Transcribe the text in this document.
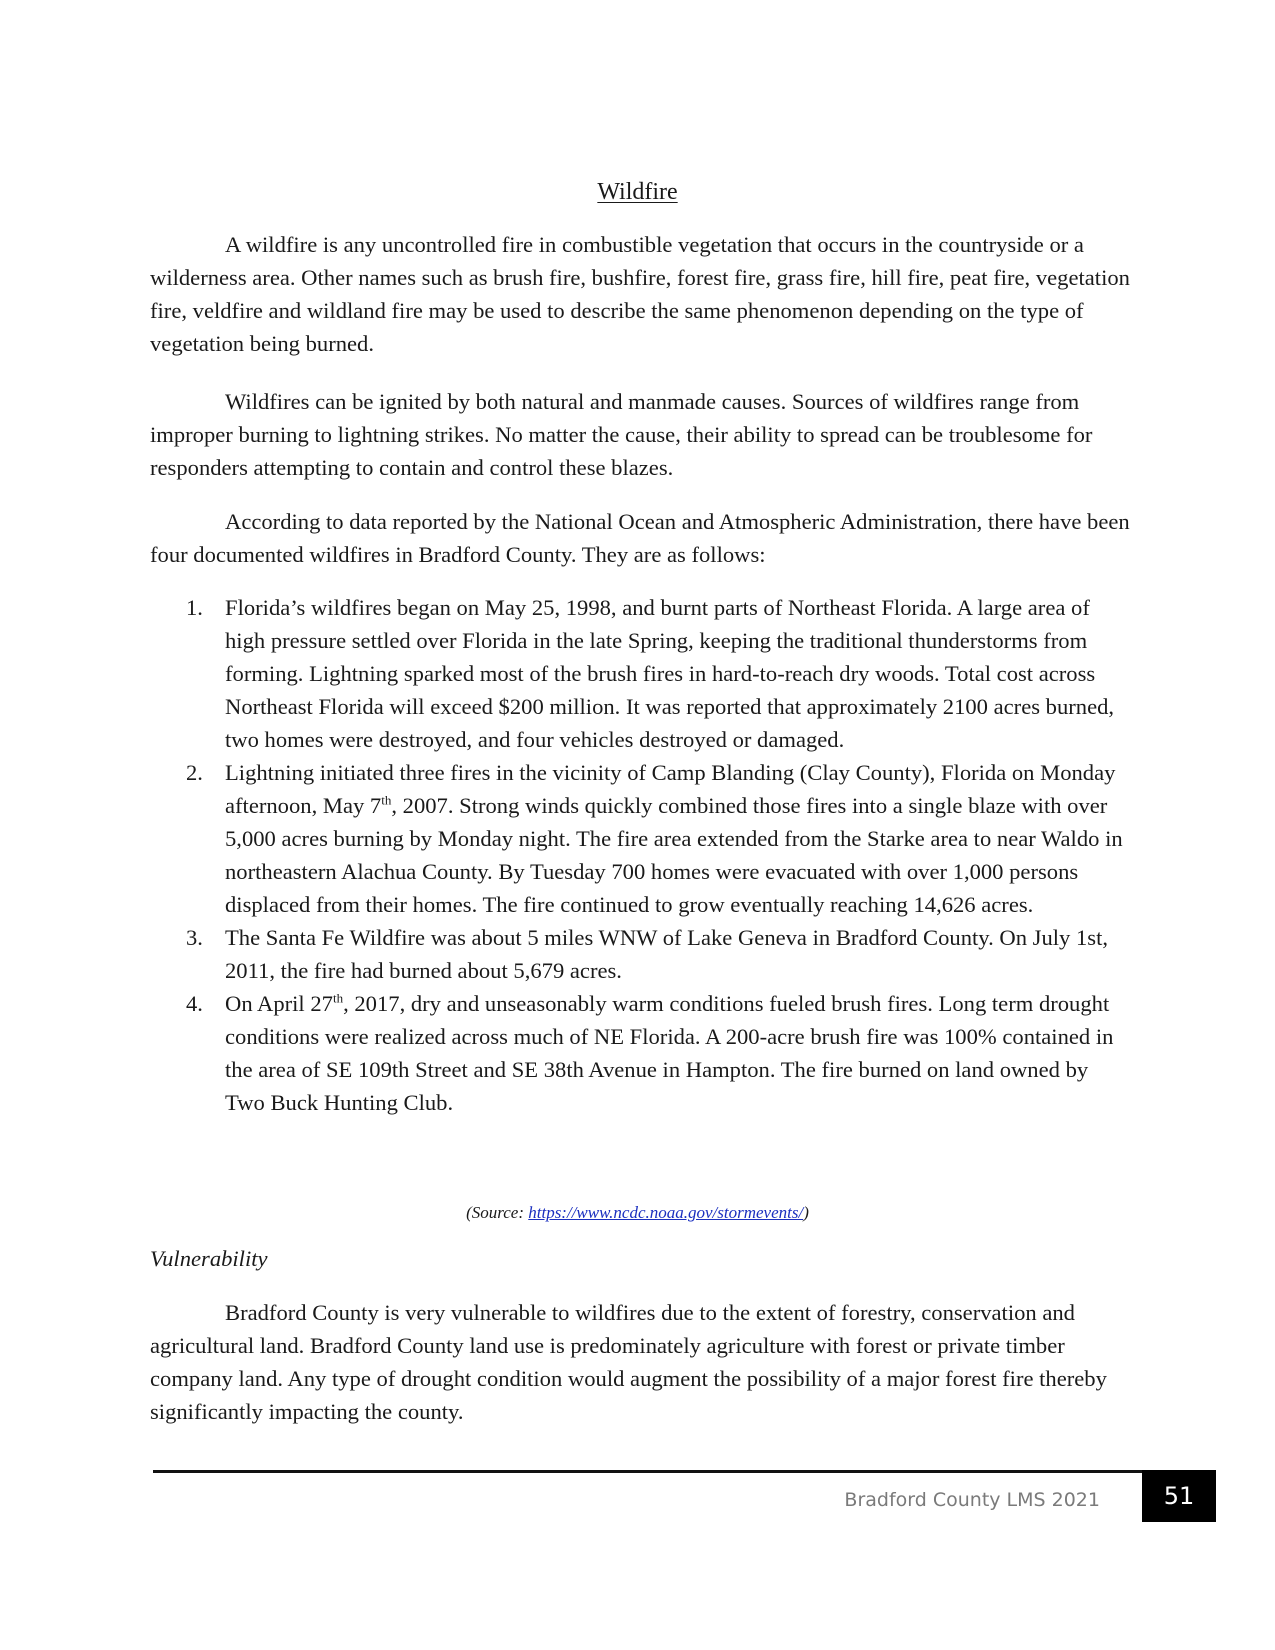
Wildfire

A wildfire is any uncontrolled fire in combustible vegetation that occurs in the countryside or a wilderness area. Other names such as brush fire, bushfire, forest fire, grass fire, hill fire, peat fire, vegetation fire, veldfire and wildland fire may be used to describe the same phenomenon depending on the type of vegetation being burned.

Wildfires can be ignited by both natural and manmade causes. Sources of wildfires range from improper burning to lightning strikes. No matter the cause, their ability to spread can be troublesome for responders attempting to contain and control these blazes.

According to data reported by the National Ocean and Atmospheric Administration, there have been four documented wildfires in Bradford County. They are as follows:

1. Florida’s wildfires began on May 25, 1998, and burnt parts of Northeast Florida. A large area of high pressure settled over Florida in the late Spring, keeping the traditional thunderstorms from forming. Lightning sparked most of the brush fires in hard-to-reach dry woods. Total cost across Northeast Florida will exceed $200 million. It was reported that approximately 2100 acres burned, two homes were destroyed, and four vehicles destroyed or damaged.
2. Lightning initiated three fires in the vicinity of Camp Blanding (Clay County), Florida on Monday afternoon, May 7th, 2007. Strong winds quickly combined those fires into a single blaze with over 5,000 acres burning by Monday night. The fire area extended from the Starke area to near Waldo in northeastern Alachua County. By Tuesday 700 homes were evacuated with over 1,000 persons displaced from their homes. The fire continued to grow eventually reaching 14,626 acres.
3. The Santa Fe Wildfire was about 5 miles WNW of Lake Geneva in Bradford County. On July 1st, 2011, the fire had burned about 5,679 acres.
4. On April 27th, 2017, dry and unseasonably warm conditions fueled brush fires. Long term drought conditions were realized across much of NE Florida. A 200-acre brush fire was 100% contained in the area of SE 109th Street and SE 38th Avenue in Hampton. The fire burned on land owned by Two Buck Hunting Club.
(Source: https://www.ncdc.noaa.gov/stormevents/)
Vulnerability

Bradford County is very vulnerable to wildfires due to the extent of forestry, conservation and agricultural land. Bradford County land use is predominately agriculture with forest or private timber company land. Any type of drought condition would augment the possibility of a major forest fire thereby significantly impacting the county.

Bradford County LMS 2021	51
